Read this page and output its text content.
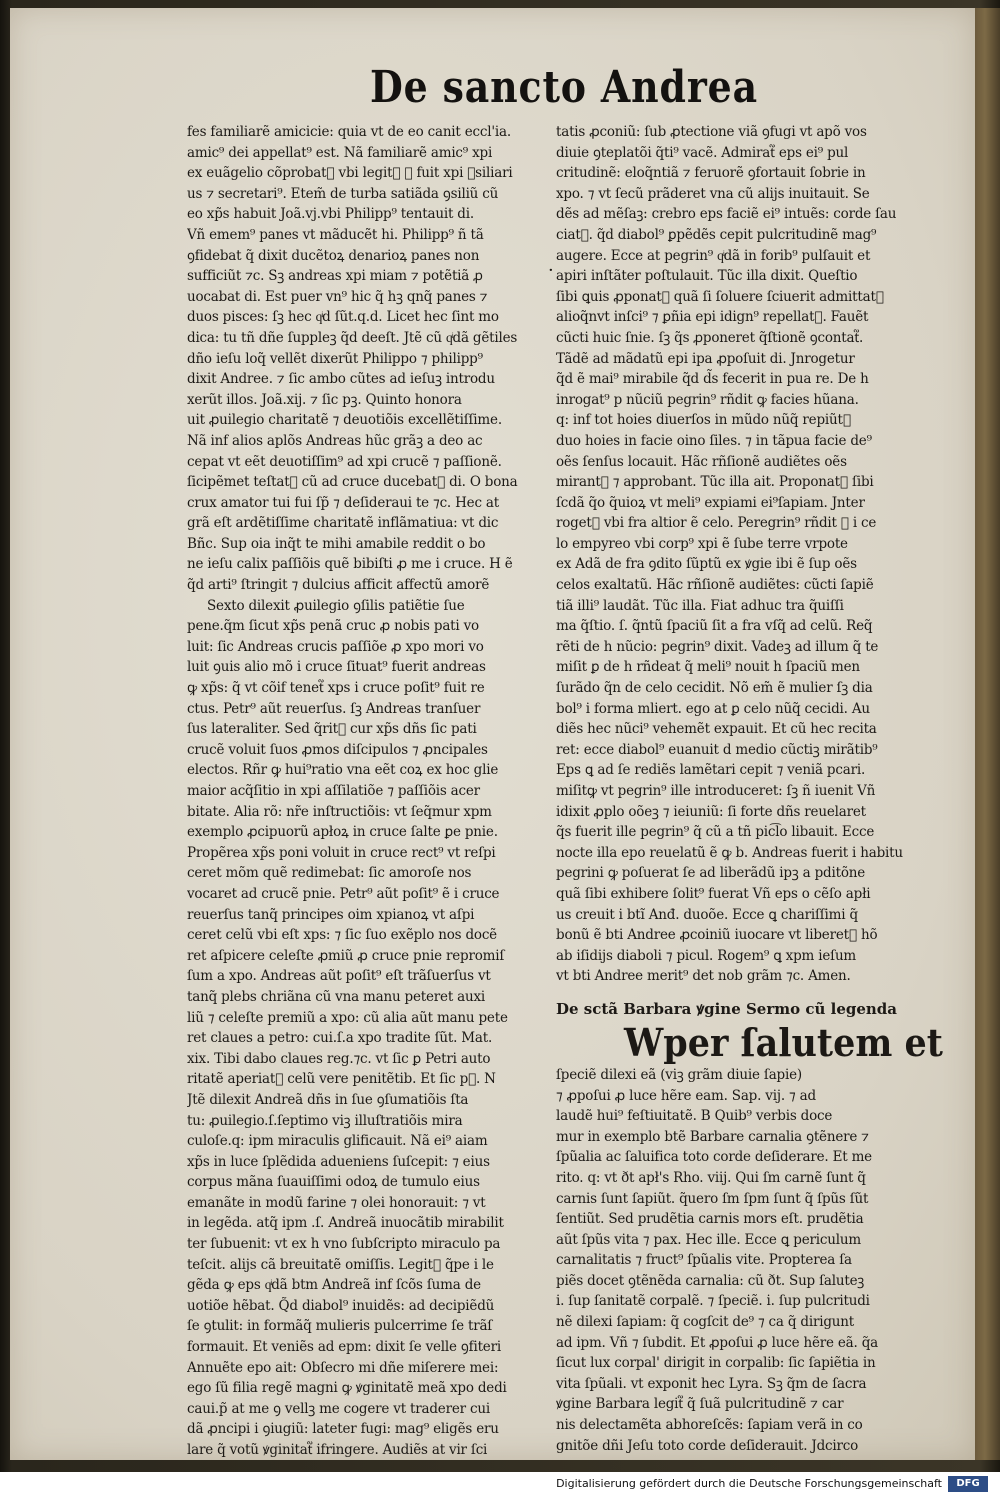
De sancto Andrea
·
fes familiarẽ amicicie: quia vt de eo canit eccl'ia.
amic⁹ dei appellat⁹ est. Nã familiarẽ amic⁹ xpi
ex euãgelio cõprobat᷑ vbi legit᷑ ꝙ fuit xpi ꝯsiliari
us ⁊ secretari⁹. Etem̃ de turba satiãda ꝯsiliũ cũ
eo xp̃s habuit Joã.vj.vbi Philipp⁹ tentauit di.
Vñ emem⁹ panes vt mãducẽt hi. Philipp⁹ ñ tã
ꝯfidebat q̃ dixit ducẽtoꝝ denarioꝝ panes non
sufficiũt ⁊c. Sꝫ andreas xpi miam ⁊ potẽtiã ꝓ
uocabat di. Est puer vn⁹ hic q̃ hꝫ qnq̃ panes ⁊
duos pisces: ſꝫ hec qͥd ſũt.q.d. Licet hec ſint mo
dica: tu tñ dñe ſuppleꝫ q̃d deeſt. Jtẽ cũ qͥdã gẽtiles
dño ieſu loq̃ vellẽt dixerũt Philippo ⁊ philipp⁹
dixit Andree. ⁊ ſic ambo cũtes ad ieſuꝫ introdu
xerũt illos. Joã.xij. ⁊ ſic pꝫ. Quinto honora
uit ꝓuilegio charitatẽ ⁊ deuotiõis excellẽtiſſime.
Nã inf alios aplõs Andreas hũc grãꝫ a deo ac
cepat vt eẽt deuotiſſim⁹ ad xpi crucẽ ⁊ paſſionẽ.
ſicipẽmet teſtat᷑ cũ ad cruce ducebat᷑ di. O bona
crux amator tui fui ſp̃ ⁊ deſideraui te ⁊c. Hec at
grã eſt ardẽtiſſime charitatẽ inflãmatiua: vt dic
Bñc. Sup oia inq̃t te mihi amabile reddit o bo
ne ieſu calix paſſiõis quẽ bibiſti ꝓ me i cruce. H ẽ
q̃d arti⁹ ſtringit ⁊ dulcius afficit affectũ amorẽ
Sexto dilexit ꝓuilegio ꝯſilis patiẽtie ſue
pene.q̃m ſicut xp̃s penã cruc ꝓ nobis pati vo
luit: ſic Andreas crucis paſſiõe ꝓ xpo mori vo
luit ꝯuis alio mõ i cruce ſituat⁹ fuerit andreas
ꝙ xp̃s: q̃ vt cõif tenet᷑ xps i cruce poſit⁹ fuit re
ctus. Petr⁹ aũt reuerſus. ſꝫ Andreas tranſuer
ſus lateraliter. Sed q̃rit᷑ cur xp̃s dñs ſic pati
crucẽ voluit ſuos ꝓmos diſcipulos ⁊ ꝓncipales
electos. Rñr ꝙ hui⁹ratio vna eẽt coꝝ ex hoc glie
maior acq̃ſitio in xpi aſſilatiõe ⁊ paſſiõis acer
bitate. Alia rõ: nr̃e inſtructiõis: vt ſeq̃mur xpm
exemplo ꝓcipuorũ apłoꝝ in cruce ſalte ꝑe pnie.
Propẽrea xp̃s poni voluit in cruce rect⁹ vt reſpi
ceret mõm quẽ redimebat: ſic amoroſe nos
vocaret ad crucẽ pnie. Petr⁹ aũt poſit⁹ ẽ i cruce
reuerſus tanq̃ principes oim xpianoꝝ vt aſpi
ceret celũ vbi eſt xps: ⁊ ſic ſuo exẽplo nos docẽ
ret aſpicere celeſte ꝓmiũ ꝓ cruce pnie repromiſ
ſum a xpo. Andreas aũt poſit⁹ eſt trãſuerſus vt
tanq̃ plebs chriãna cũ vna manu peteret auxi
liũ ⁊ celeſte premiũ a xpo: cũ alia aũt manu pete
ret claues a petro: cui.ſ.a xpo tradite ſũt. Mat.
xix. Tibi dabo claues reg.⁊c. vt ſic ꝑ Petri auto
ritatẽ aperiat᷑ celũ vere penitẽtib. Et ſic pꝫ. N
Jtẽ dilexit Andreã dñs in ſue ꝯſumatiõis ſta
tu: ꝓuilegio.ſ.ſeptimo viꝫ illuſtratiõis mira
culoſe.q: ipm miraculis glificauit. Nã ei⁹ aiam
xp̃s in luce ſplẽdida adueniens ſuſcepit: ⁊ eius
corpus mãna ſuauiſſimi odoꝝ de tumulo eius
emanãte in modũ farine ⁊ olei honorauit: ⁊ vt
in legẽda. atq̃ ipm .ſ. Andreã inuocãtib mirabilit
ter ſubuenit: vt ex h vno ſubſcripto miraculo pa
teſcit. alijs cã breuitatẽ omiſſis. Legit᷑ q̃pe i le
gẽda ꝙ eps qͥdã btm Andreã inf ſcõs ſuma de
uotiõe hẽbat. Q̃d diabol⁹ inuidẽs: ad decipiẽdũ
ſe ꝯtulit: in formãq̃ mulieris pulcerrime ſe trãſ
formauit. Et veniẽs ad epm: dixit ſe velle ꝯfiteri
Annuẽte epo ait: Obſecro mi dñe miſerere mei:
ego ſũ filia regẽ magni ꝙ ꝟginitatẽ meã xpo dedi
caui.p̃ at me ꝯ vellꝫ me cogere vt traderer cui
dã ꝓncipi i ꝯiugiũ: lateter fugi: mag⁹ eligẽs eru
lare q̃ votũ ꝟginitat᷑ ifringere. Audiẽs at vir ſci
tatis ꝓconiũ: ſub ꝓtectione viã ꝯfugi vt apõ vos
diuie ꝯteplatõi q̃ti⁹ vacẽ. Admirat᷑ eps ei⁹ pul
critudinẽ: eloq̃ntiã ⁊ feruorẽ ꝯfortauit ſobrie in
xpo. ⁊ vt ſecũ prãderet vna cũ alijs inuitauit. Se
dẽs ad mẽſaꝫ: crebro eps faciẽ ei⁹ intuẽs: corde ſau
ciat᷑. q̃d diabol⁹ ꝑpẽdẽs cepit pulcritudinẽ mag⁹
augere. Ecce at pegrin⁹ qͥdã in forib⁹ pulſauit et
apiri inſtãter poſtulauit. Tũc illa dixit. Queſtio
ſibi ꝗuis ꝓponat᷑ quã ſi ſoluere ſciuerit admittat᷑
alioq̃nvt inſci⁹ ⁊ ꝑñia epi idign⁹ repellat᷑. Fauẽt
cũcti huic ſnie. ſꝫ q̃s ꝓponeret q̃ſtionẽ ꝯcontat᷑.
Tãdẽ ad mãdatũ epi ipa ꝓpoſuit di. Jnrogetur
q̃d ẽ mai⁹ mirabile q̃d d̃s fecerit in pua re. De h
inrogat⁹ p nũciũ pegrin⁹ rñdit ꝙ facies hũana.
q: inf tot hoies diuerſos in mũdo nũq̃ repiũt᷑
duo hoies in facie oino ſiles. ⁊ in tãpua facie de⁹
oẽs ſenſus locauit. Hãc rñſionẽ audiẽtes oẽs
mirant᷑ ⁊ approbant. Tũc illa ait. Proponat᷑ ſibi
ſcdã q̃o q̃uioꝝ vt meli⁹ expiami ei⁹ſapiam. Jnter
roget᷑ vbi fra altior ẽ celo. Peregrin⁹ rñdit ꝙ i ce
lo empyreo vbi corp⁹ xpi ẽ ſube terre vrpote
ex Adã de fra ꝯdito ſũptũ ex ꝟgie ibi ẽ ſup oẽs
celos exaltatũ. Hãc rñſionẽ audiẽtes: cũcti ſapiẽ
tiã illi⁹ laudãt. Tũc illa. Fiat adhuc tra q̃uiſſi
ma q̃ſtio. ſ. q̃ntũ ſpaciũ ſit a fra vſq̃ ad celũ. Req̃
rẽti de h nũcio: pegrin⁹ dixit. Vadeꝫ ad illum q̃ te
miſit ꝑ de h rñdeat q̃ meli⁹ nouit h ſpaciũ men
ſurãdo q̃n de celo cecidit. Nõ em̃ ẽ mulier ſꝫ dia
bol⁹ i forma mliert. ego at ꝑ celo nũq̃ cecidi. Au
diẽs hec nũci⁹ vehemẽt expauit. Et cũ hec recita
ret: ecce diabol⁹ euanuit d medio cũctiꝫ mirãtib⁹
Eps ꝗ ad ſe rediẽs lamẽtari cepit ⁊ veniã pcari.
miſitꝙ vt pegrin⁹ ille introduceret: ſꝫ ñ iuenit Vñ
idixit ꝓplo oõeꝫ ⁊ ieiuniũ: ſi forte dñs reuelaret
q̃s fuerit ille pegrin⁹ q̃ cũ a tñ pic͡lo libauit. Ecce
nocte illa epo reuelatũ ẽ ꝙ b. Andreas fuerit i habitu
pegrini ꝙ poſuerat ſe ad liberãdũ ipꝫ a pditõne
quã ſibi exhibere ſolit⁹ fuerat Vñ eps o cẽſo apłi
us creuit i btĩ Anđ. duoõe. Ecce ꝗ chariſſimi q̃
bonũ ẽ bti Andree ꝓcoiniũ iuocare vt liberet᷑ hõ
ab iſidijs diaboli ⁊ picul. Rogem⁹ ꝗ xpm ieſum
vt bti Andree merit⁹ det nob grãm ⁊c. Amen.
De sctã Barbara ꝟgine Sermo cũ legenda
Wper ſalutem et
ſpeciẽ dilexi eã (viꝫ grãm diuie ſapie)
⁊ ꝓpoſui ꝓ luce hẽre eam. Sap. vij. ⁊ ad
laudẽ hui⁹ feſtiuitatẽ. B Quib⁹ verbis doce
mur in exemplo btẽ Barbare carnalia ꝯtẽnere ⁊
ſpũalia ac ſaluifica toto corde deſiderare. Et me
rito. q: vt ðt apł's Rho. viij. Qui ſm carnẽ ſunt q̃
carnis ſunt ſapiũt. q̃uero ſm ſpm ſunt q̃ ſpũs ſũt
ſentiũt. Sed prudẽtia carnis mors eſt. prudẽtia
aũt ſpũs vita ⁊ pax. Hec ille. Ecce ꝗ periculum
carnalitatis ⁊ fruct⁹ ſpũalis vite. Propterea ſa
piẽs docet ꝯtẽnẽda carnalia: cũ ðt. Sup ſaluteꝫ
i. ſup ſanitatẽ corpalẽ. ⁊ ſpeciẽ. i. ſup pulcritudi
nẽ dilexi ſapiam: q̃ cogſcit de⁹ ⁊ ca q̃ dirigunt
ad ipm. Vñ ⁊ ſubdit. Et ꝓpoſui ꝓ luce hẽre eã. q̃a
ſicut lux corpal' dirigit in corpalib: ſic ſapiẽtia in
vita ſpũali. vt exponit hec Lyra. Sꝫ q̃m de ſacra
ꝟgine Barbara legit᷑ q̃ ſuã pulcritudinẽ ⁊ car
nis delectamẽta abhoreſcẽs: ſapiam verã in co
gnitõe dñi Jeſu toto corde deſiderauit. Jdcirco
Digitalisierung gefördert durch die Deutsche Forschungsgemeinschaft	DFG
